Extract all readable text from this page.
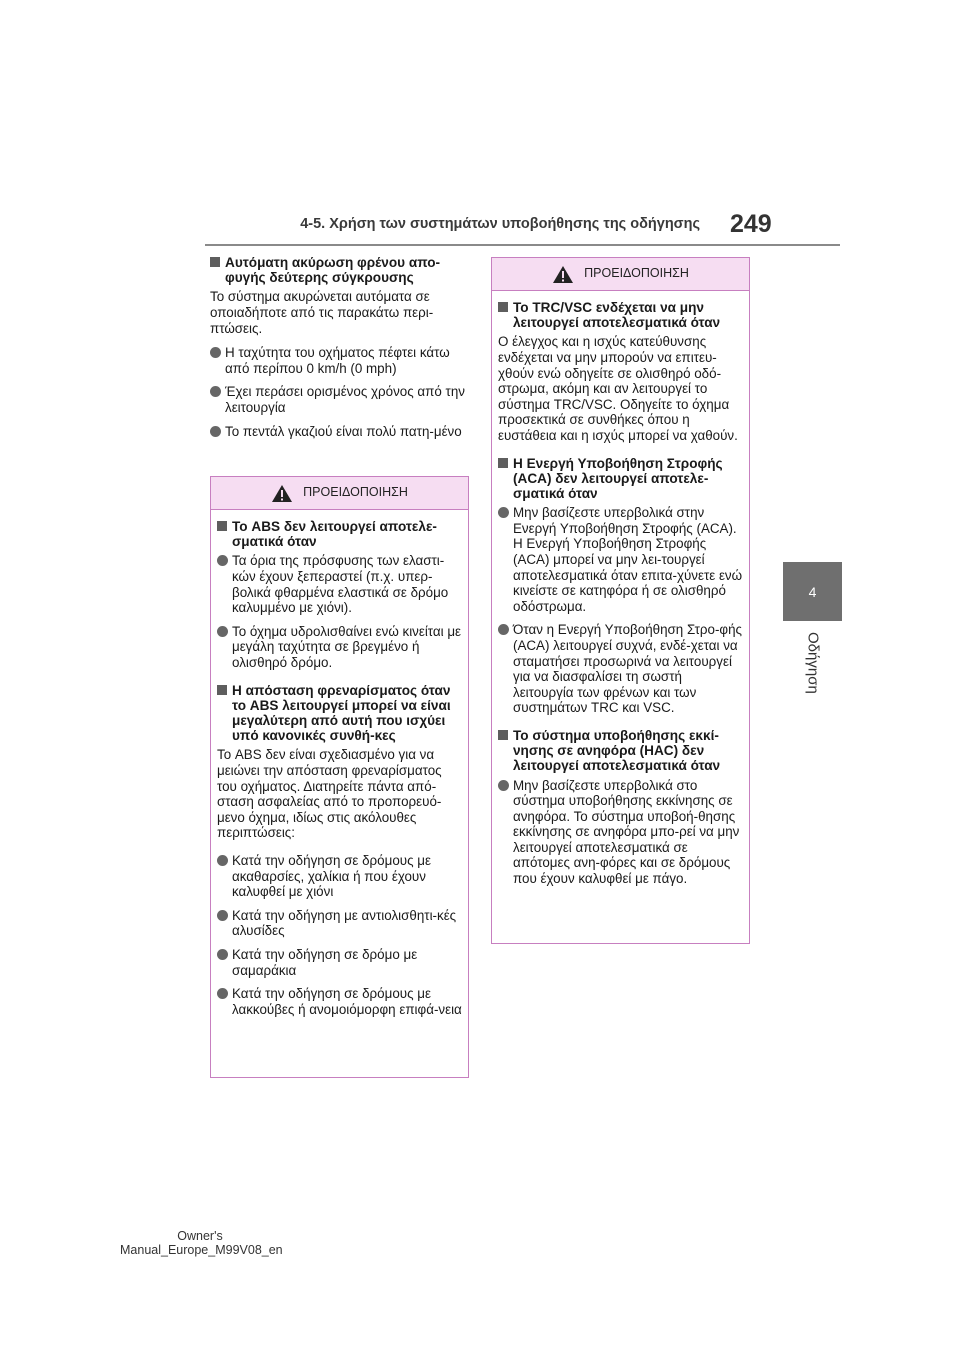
4-5. Χρήση των συστημάτων υποβοήθησης της οδήγησης 249
4
Οδήγηση
Αυτόματη ακύρωση φρένου απο-φυγής δεύτερης σύγκρουσης
Το σύστημα ακυρώνεται αυτόματα σε οποιαδήποτε από τις παρακάτω περι-πτώσεις.
Η ταχύτητα του οχήματος πέφτει κάτω από περίπου 0 km/h (0 mph)
Έχει περάσει ορισμένος χρόνος από την λειτουργία
Το πεντάλ γκαζιού είναι πολύ πατη-μένο
ΠΡΟΕΙΔΟΠΟΙΗΣΗ
Το ABS δεν λειτουργεί αποτελε-σματικά όταν
Τα όρια της πρόσφυσης των ελαστι-κών έχουν ξεπεραστεί (π.χ. υπερ-βολικά φθαρμένα ελαστικά σε δρόμο καλυμμένο με χιόνι).
Το όχημα υδρολισθαίνει ενώ κινείται με μεγάλη ταχύτητα σε βρεγμένο ή ολισθηρό δρόμο.
Η απόσταση φρεναρίσματος όταν το ABS λειτουργεί μπορεί να είναι μεγαλύτερη από αυτή που ισχύει υπό κανονικές συνθή-κες
Το ABS δεν είναι σχεδιασμένο για να μειώνει την απόσταση φρεναρίσματος του οχήματος. Διατηρείτε πάντα από-σταση ασφαλείας από το προπορευό-μενο όχημα, ιδίως στις ακόλουθες περιπτώσεις:
Κατά την οδήγηση σε δρόμους με ακαθαρσίες, χαλίκια ή που έχουν καλυφθεί με χιόνι
Κατά την οδήγηση με αντιολισθητι-κές αλυσίδες
Κατά την οδήγηση σε δρόμο με σαμαράκια
Κατά την οδήγηση σε δρόμους με λακκούβες ή ανομοιόμορφη επιφά-νεια
ΠΡΟΕΙΔΟΠΟΙΗΣΗ
Το TRC/VSC ενδέχεται να μην λειτουργεί αποτελεσματικά όταν
Ο έλεγχος και η ισχύς κατεύθυνσης ενδέχεται να μην μπορούν να επιτευ-χθούν ενώ οδηγείτε σε ολισθηρό οδό-στρωμα, ακόμη και αν λειτουργεί το σύστημα TRC/VSC. Οδηγείτε το όχημα προσεκτικά σε συνθήκες όπου η ευστάθεια και η ισχύς μπορεί να χαθούν.
Η Ενεργή Υποβοήθηση Στροφής (ACA) δεν λειτουργεί αποτελε-σματικά όταν
Μην βασίζεστε υπερβολικά στην Ενεργή Υποβοήθηση Στροφής (ACA). Η Ενεργή Υποβοήθηση Στροφής (ACA) μπορεί να μην λει-τουργεί αποτελεσματικά όταν επιτα-χύνετε ενώ κινείστε σε κατηφόρα ή σε ολισθηρό οδόστρωμα.
Όταν η Ενεργή Υποβοήθηση Στρο-φής (ACA) λειτουργεί συχνά, ενδέ-χεται να σταματήσει προσωρινά να λειτουργεί για να διασφαλίσει τη σωστή λειτουργία των φρένων και των συστημάτων TRC και VSC.
Το σύστημα υποβοήθησης εκκί-νησης σε ανηφόρα (HAC) δεν λειτουργεί αποτελεσματικά όταν
Μην βασίζεστε υπερβολικά στο σύστημα υποβοήθησης εκκίνησης σε ανηφόρα. Το σύστημα υποβοή-θησης εκκίνησης σε ανηφόρα μπο-ρεί να μην λειτουργεί αποτελεσματικά σε απότομες ανη-φόρες και σε δρόμους που έχουν καλυφθεί με πάγο.
Owner's Manual_Europe_M99V08_en
